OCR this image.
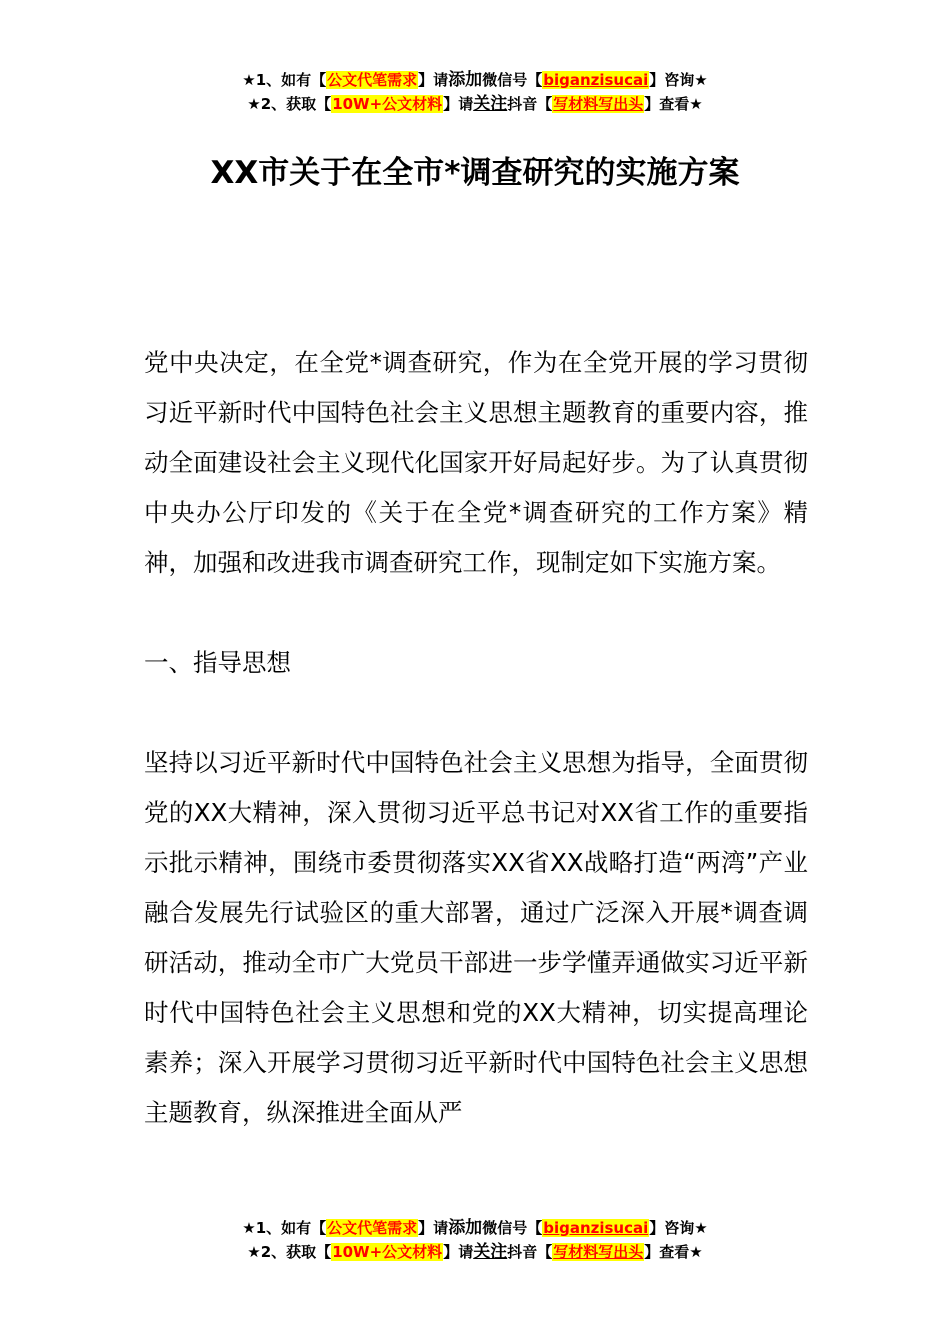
★1、如有【公文代笔需求】请添加微信号【biganzisucai】咨询★
★2、获取【10W+公文材料】请关注抖音【写材料写出头】查看★
XX市关于在全市*调查研究的实施方案

党中央决定，在全党*调查研究，作为在全党开展的学习贯彻习近平新时代中国特色社会主义思想主题教育的重要内容，推动全面建设社会主义现代化国家开好局起好步。为了认真贯彻中央办公厅印发的《关于在全党*调查研究的工作方案》精神，加强和改进我市调查研究工作，现制定如下实施方案。

一、指导思想

坚持以习近平新时代中国特色社会主义思想为指导，全面贯彻党的XX大精神，深入贯彻习近平总书记对XX省工作的重要指示批示精神，围绕市委贯彻落实XX省XX战略打造“两湾”产业融合发展先行试验区的重大部署，通过广泛深入开展*调查调研活动，推动全市广大党员干部进一步学懂弄通做实习近平新时代中国特色社会主义思想和党的XX大精神，切实提高理论素养；深入开展学习贯彻习近平新时代中国特色社会主义思想主题教育，纵深推进全面从严

★1、如有【公文代笔需求】请添加微信号【biganzisucai】咨询★
★2、获取【10W+公文材料】请关注抖音【写材料写出头】查看★
